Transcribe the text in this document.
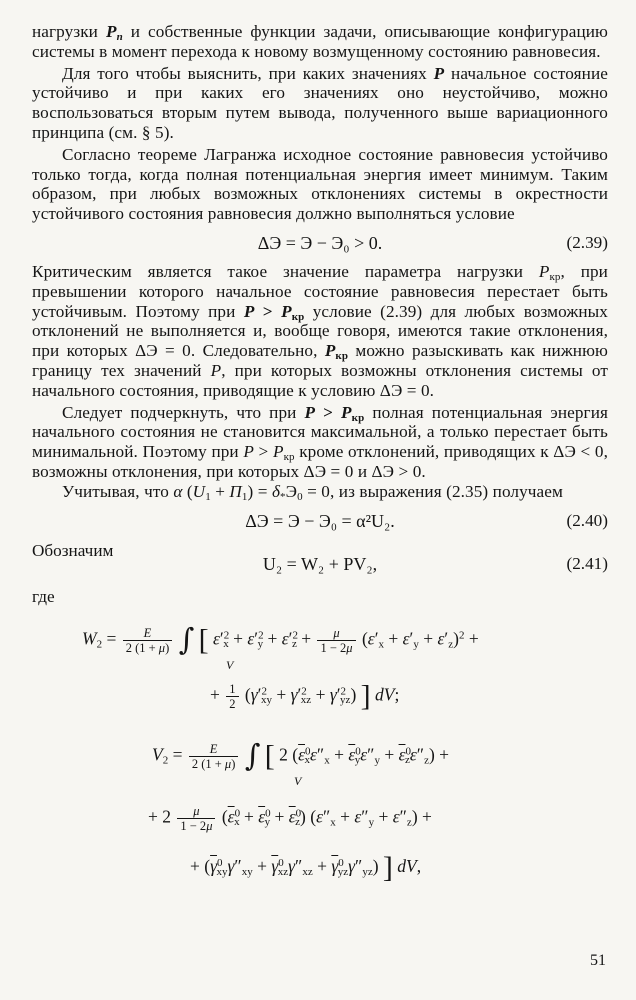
нагрузки $P_n$ и собственные функции задачи, описывающие конфигурацию системы в момент перехода к новому возмущенному состоянию равновесия.

Для того чтобы выяснить, при каких значениях P начальное состояние устойчиво и при каких его значениях оно неустойчиво, можно воспользоваться вторым путем вывода, полученного выше вариационного принципа (см. § 5).

Согласно теореме Лагранжа исходное состояние равновесия устойчиво только тогда, когда полная потенциальная энергия имеет минимум. Таким образом, при любых возможных отклонениях системы в окрестности устойчивого состояния равновесия должно выполняться условие

ΔЭ = Э − Э₀ > 0.	(2.39)

Критическим является такое значение параметра нагрузки $P_{кр}$, при превышении которого начальное состояние равновесия перестает быть устойчивым. Поэтому при $P > P_{кр}$ условие (2.39) для любых возможных отклонений не выполняется и, вообще говоря, имеются такие отклонения, при которых ΔЭ = 0. Следовательно, $P_{кр}$ можно разыскивать как нижнюю границу тех значений P, при которых возможны отклонения системы от начального состояния, приводящие к условию ΔЭ = 0.

Следует подчеркнуть, что при $P > P_{кр}$ полная потенциальная энергия начального состояния не становится максимальной, а только перестает быть минимальной. Поэтому при $P > P_{кр}$ кроме отклонений, приводящих к ΔЭ < 0, возможны отклонения, при которых ΔЭ = 0 и ΔЭ > 0.

Учитывая, что α $(U_1 + \Pi_1) = \delta_*Э_0 = 0$, из выражения (2.35) получаем

ΔЭ = Э − Э₀ = α²U₂.	(2.40)
Обозначим
U₂ = W₂ + PV₂,	(2.41)
где
$W_2 = \frac{E}{2 (1 + \mu)}$ ∫ [ $\varepsilon'^2_x + \varepsilon'^2_y + \varepsilon'^2_z + \frac{\mu}{1 - 2\mu} (\varepsilon'_x + \varepsilon'_y + \varepsilon'_z)^2$ +
V
+ $\frac{1}{2} (\gamma'^2_{xy} + \gamma'^2_{xz} + \gamma'^2_{yz})$ ] dV;
$V_2 = \frac{E}{2 (1 + \mu)}$ ∫ [ 2 $(\overline{\varepsilon}^0_x\varepsilon''_x + \overline{\varepsilon}^0_y\varepsilon''_y + \overline{\varepsilon}^0_z\varepsilon''_z)$ +
V
+ $2 \frac{\mu}{1 - 2\mu} (\overline{\varepsilon}^0_x + \overline{\varepsilon}^0_y + \overline{\varepsilon}^0_z) (\varepsilon''_x + \varepsilon''_y + \varepsilon''_z)$ +
+ $(\overline{\gamma}^0_{xy}\gamma''_{xy} + \overline{\gamma}^0_{xz}\gamma''_{xz} + \overline{\gamma}^0_{yz}\gamma''_{yz})$ ] dV,
51
